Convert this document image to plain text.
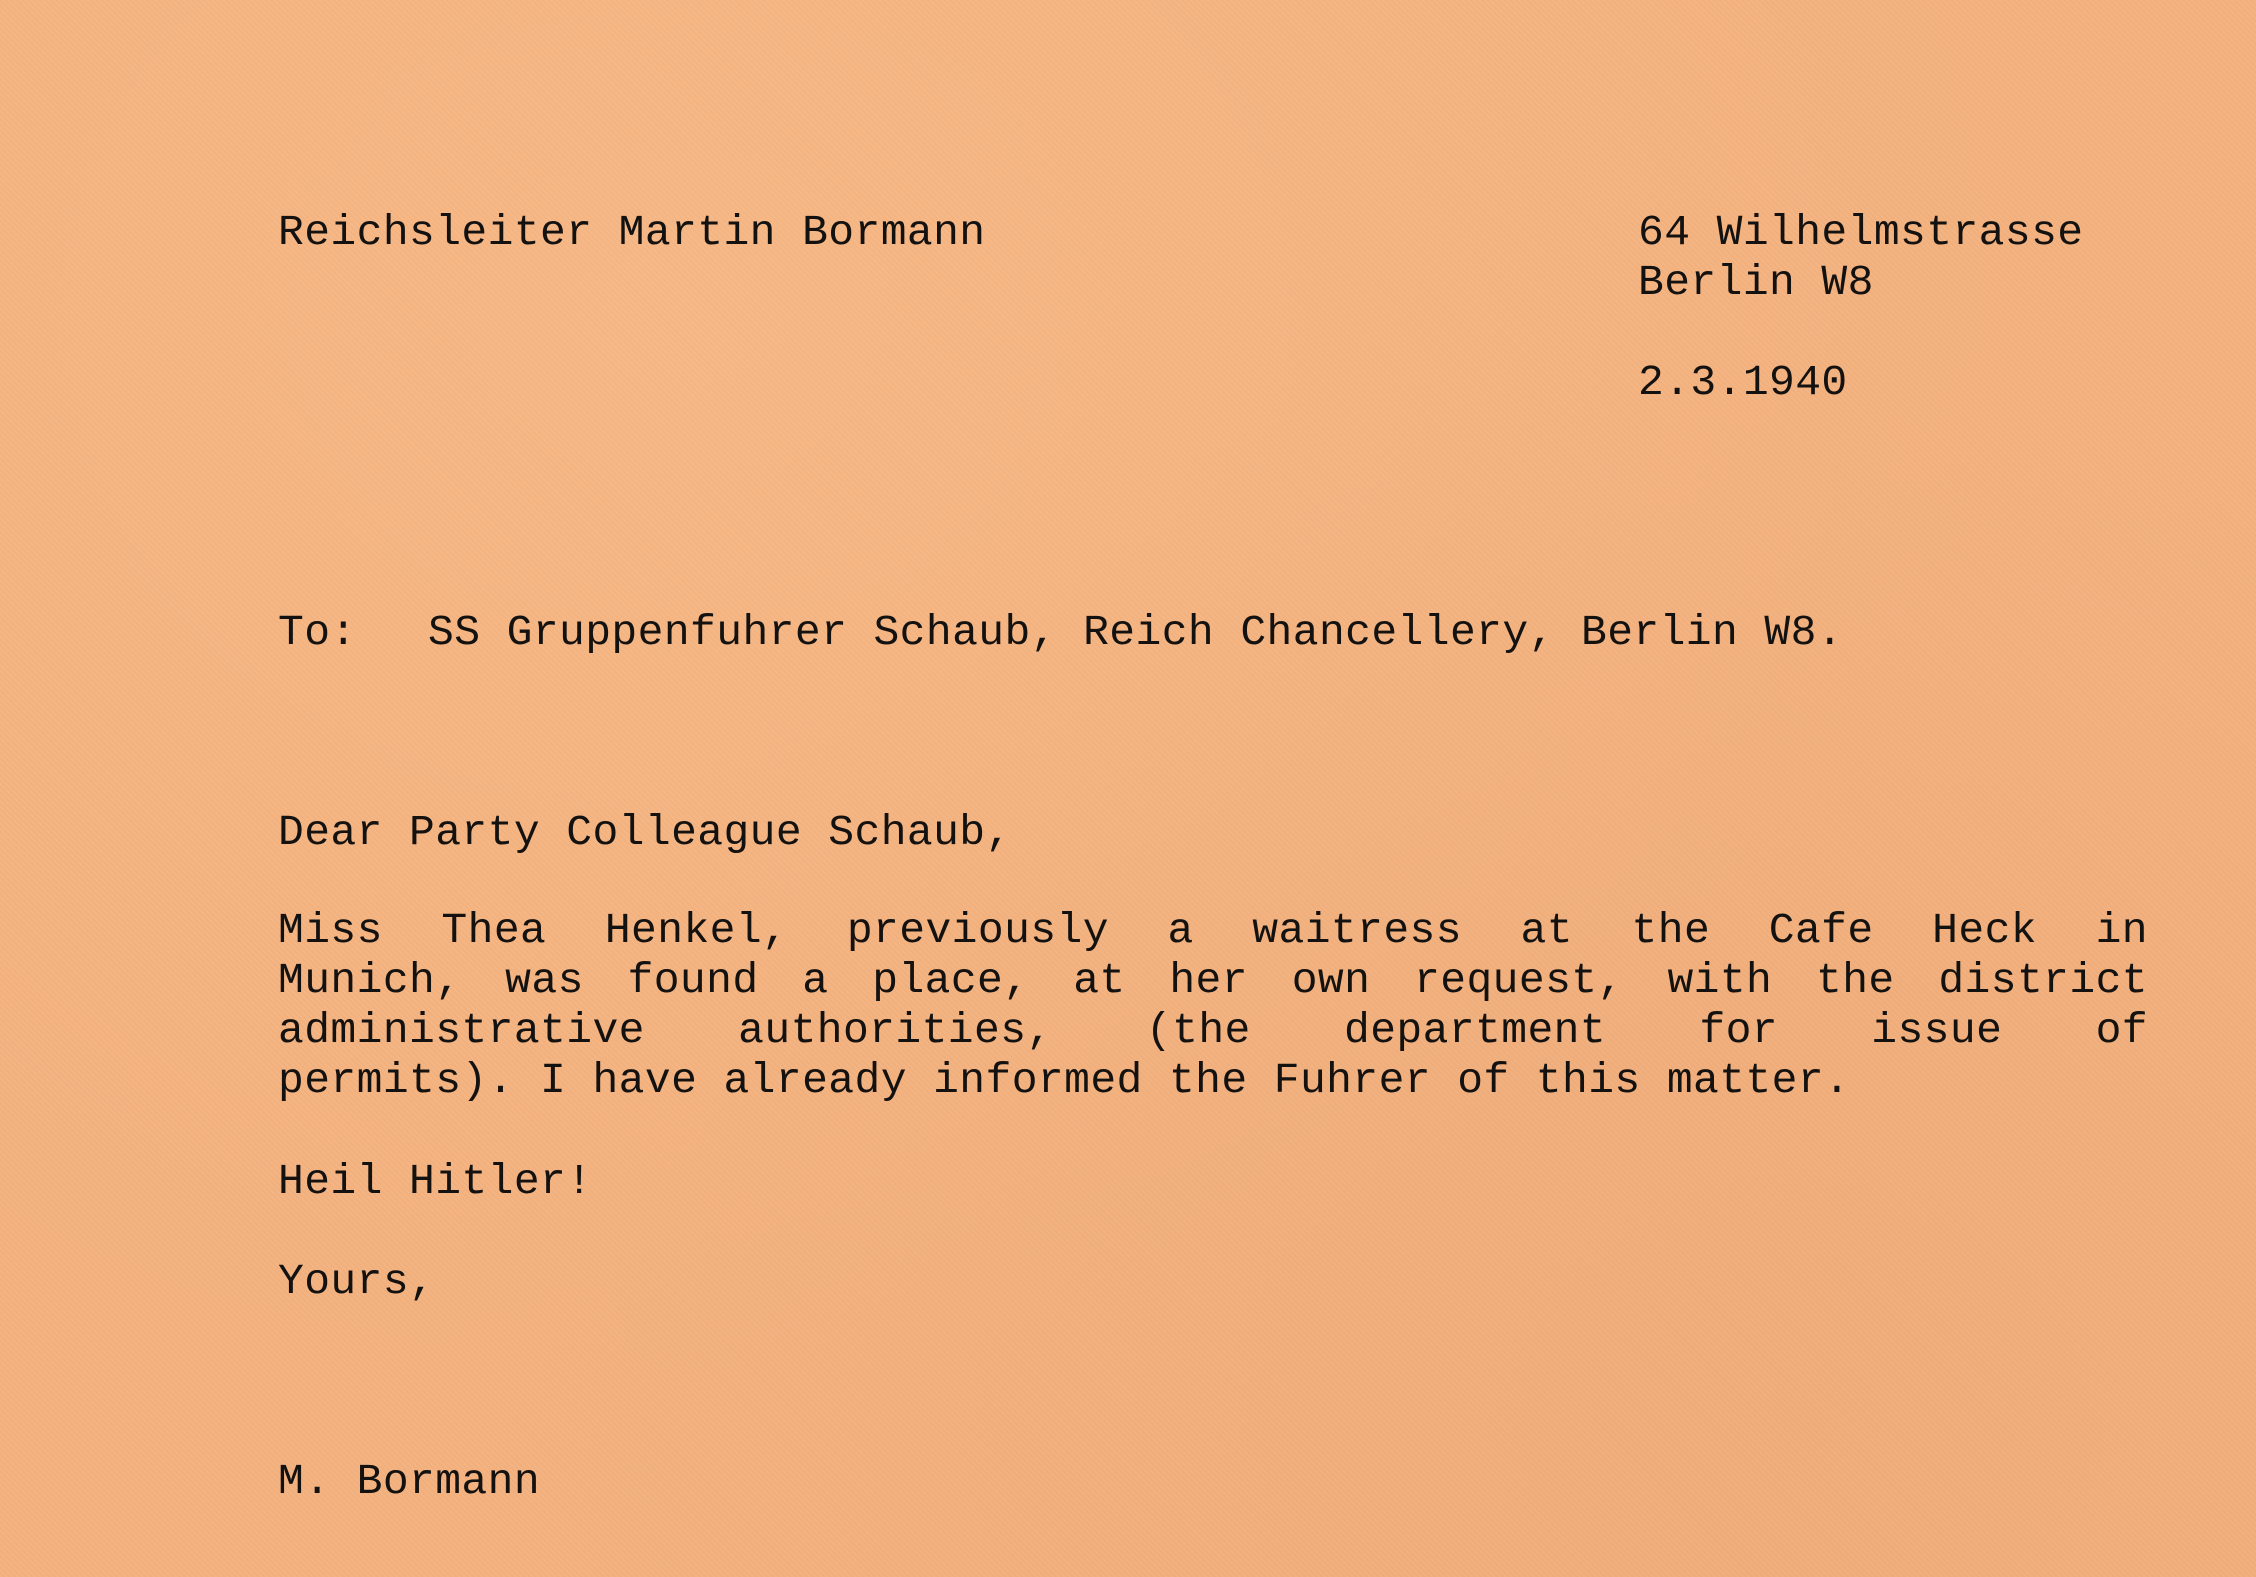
Reichsleiter Martin Bormann	64 Wilhelmstrasse
Berlin W8
2.3.1940
To: SS Gruppenfuhrer Schaub, Reich Chancellery, Berlin W8.
Dear Party Colleague Schaub,
Miss Thea Henkel, previously a waitress at the Cafe Heck in
Munich, was found a place, at her own request, with the district
administrative authorities, (the department for issue of
permits). I have already informed the Fuhrer of this matter.
Heil Hitler!
Yours,
M. Bormann
